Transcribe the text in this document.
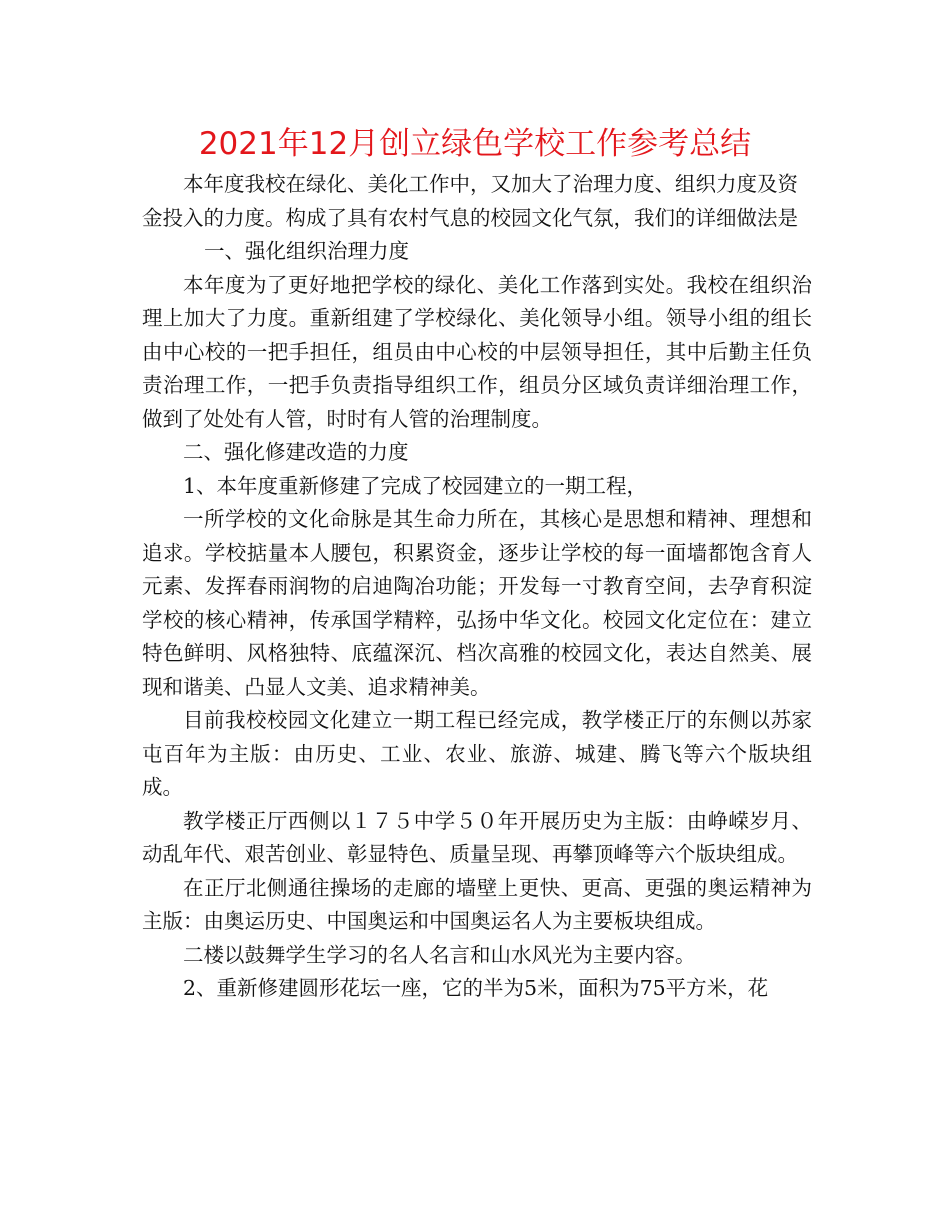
2021年12月创立绿色学校工作参考总结

本年度我校在绿化、美化工作中，又加大了治理力度、组织力度及资金投入的力度。构成了具有农村气息的校园文化气氛，我们的详细做法是一、强化组织治理力度

本年度为了更好地把学校的绿化、美化工作落到实处。我校在组织治理上加大了力度。重新组建了学校绿化、美化领导小组。领导小组的组长由中心校的一把手担任，组员由中心校的中层领导担任，其中后勤主任负责治理工作，一把手负责指导组织工作，组员分区域负责详细治理工作，做到了处处有人管，时时有人管的治理制度。

二、强化修建改造的力度

1、本年度重新修建了完成了校园建立的一期工程，

一所学校的文化命脉是其生命力所在，其核心是思想和精神、理想和追求。学校掂量本人腰包，积累资金，逐步让学校的每一面墙都饱含育人元素、发挥春雨润物的启迪陶冶功能；开发每一寸教育空间，去孕育积淀学校的核心精神，传承国学精粹，弘扬中华文化。校园文化定位在：建立特色鲜明、风格独特、底蕴深沉、档次高雅的校园文化，表达自然美、展现和谐美、凸显人文美、追求精神美。

目前我校校园文化建立一期工程已经完成，教学楼正厅的东侧以苏家屯百年为主版：由历史、工业、农业、旅游、城建、腾飞等六个版块组成。

教学楼正厅西侧以１７５中学５０年开展历史为主版：由峥嵘岁月、动乱年代、艰苦创业、彰显特色、质量呈现、再攀顶峰等六个版块组成。

在正厅北侧通往操场的走廊的墙壁上更快、更高、更强的奥运精神为主版：由奥运历史、中国奥运和中国奥运名人为主要板块组成。

二楼以鼓舞学生学习的名人名言和山水风光为主要内容。

2、重新修建圆形花坛一座，它的半为5米，面积为75平方米，花
